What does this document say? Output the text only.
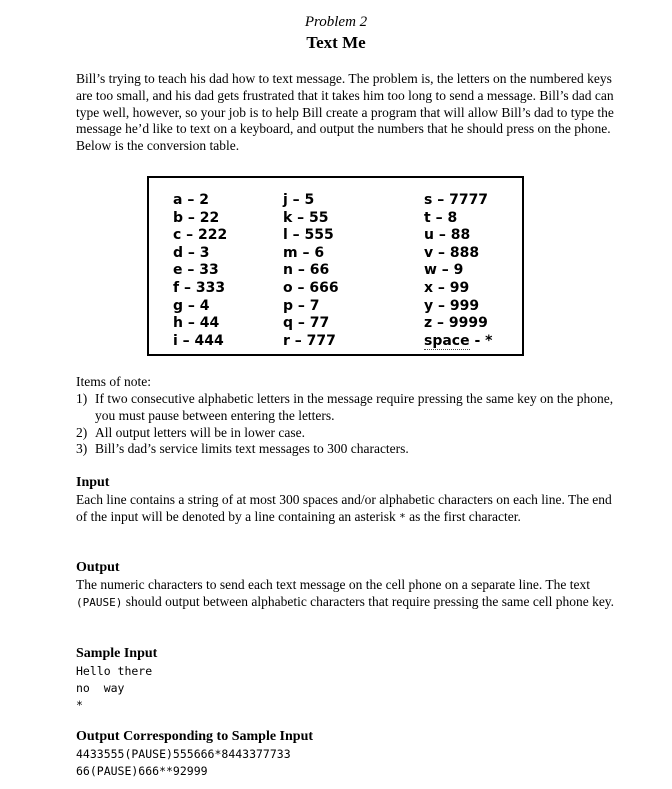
Problem 2
Text Me
Bill’s trying to teach his dad how to text message. The problem is, the letters on the numbered keys are too small, and his dad gets frustrated that it takes him too long to send a message. Bill’s dad can type well, however, so your job is to help Bill create a program that will allow Bill’s dad to type the message he’d like to text on a keyboard, and output the numbers that he should press on the phone. Below is the conversion table.
a – 2
b – 22
c – 222
d – 3
e – 33
f – 333
g – 4
h – 44
i – 444
j – 5
k – 55
l – 555
m – 6
n – 66
o – 666
p – 7
q – 77
r – 777
s – 7777
t – 8
u – 88
v – 888
w – 9
x – 99
y – 999
z – 9999
space - *
Items of note:
1) If two consecutive alphabetic letters in the message require pressing the same key on the phone, you must pause between entering the letters.
2) All output letters will be in lower case.
3) Bill’s dad’s service limits text messages to 300 characters.
Input
Each line contains a string of at most 300 spaces and/or alphabetic characters on each line. The end of the input will be denoted by a line containing an asterisk * as the first character.
Output
The numeric characters to send each text message on the cell phone on a separate line. The text (PAUSE) should output between alphabetic characters that require pressing the same cell phone key.
Sample Input
Hello there
no  way
*
Output Corresponding to Sample Input
4433555(PAUSE)555666*8443377733
66(PAUSE)666**92999
